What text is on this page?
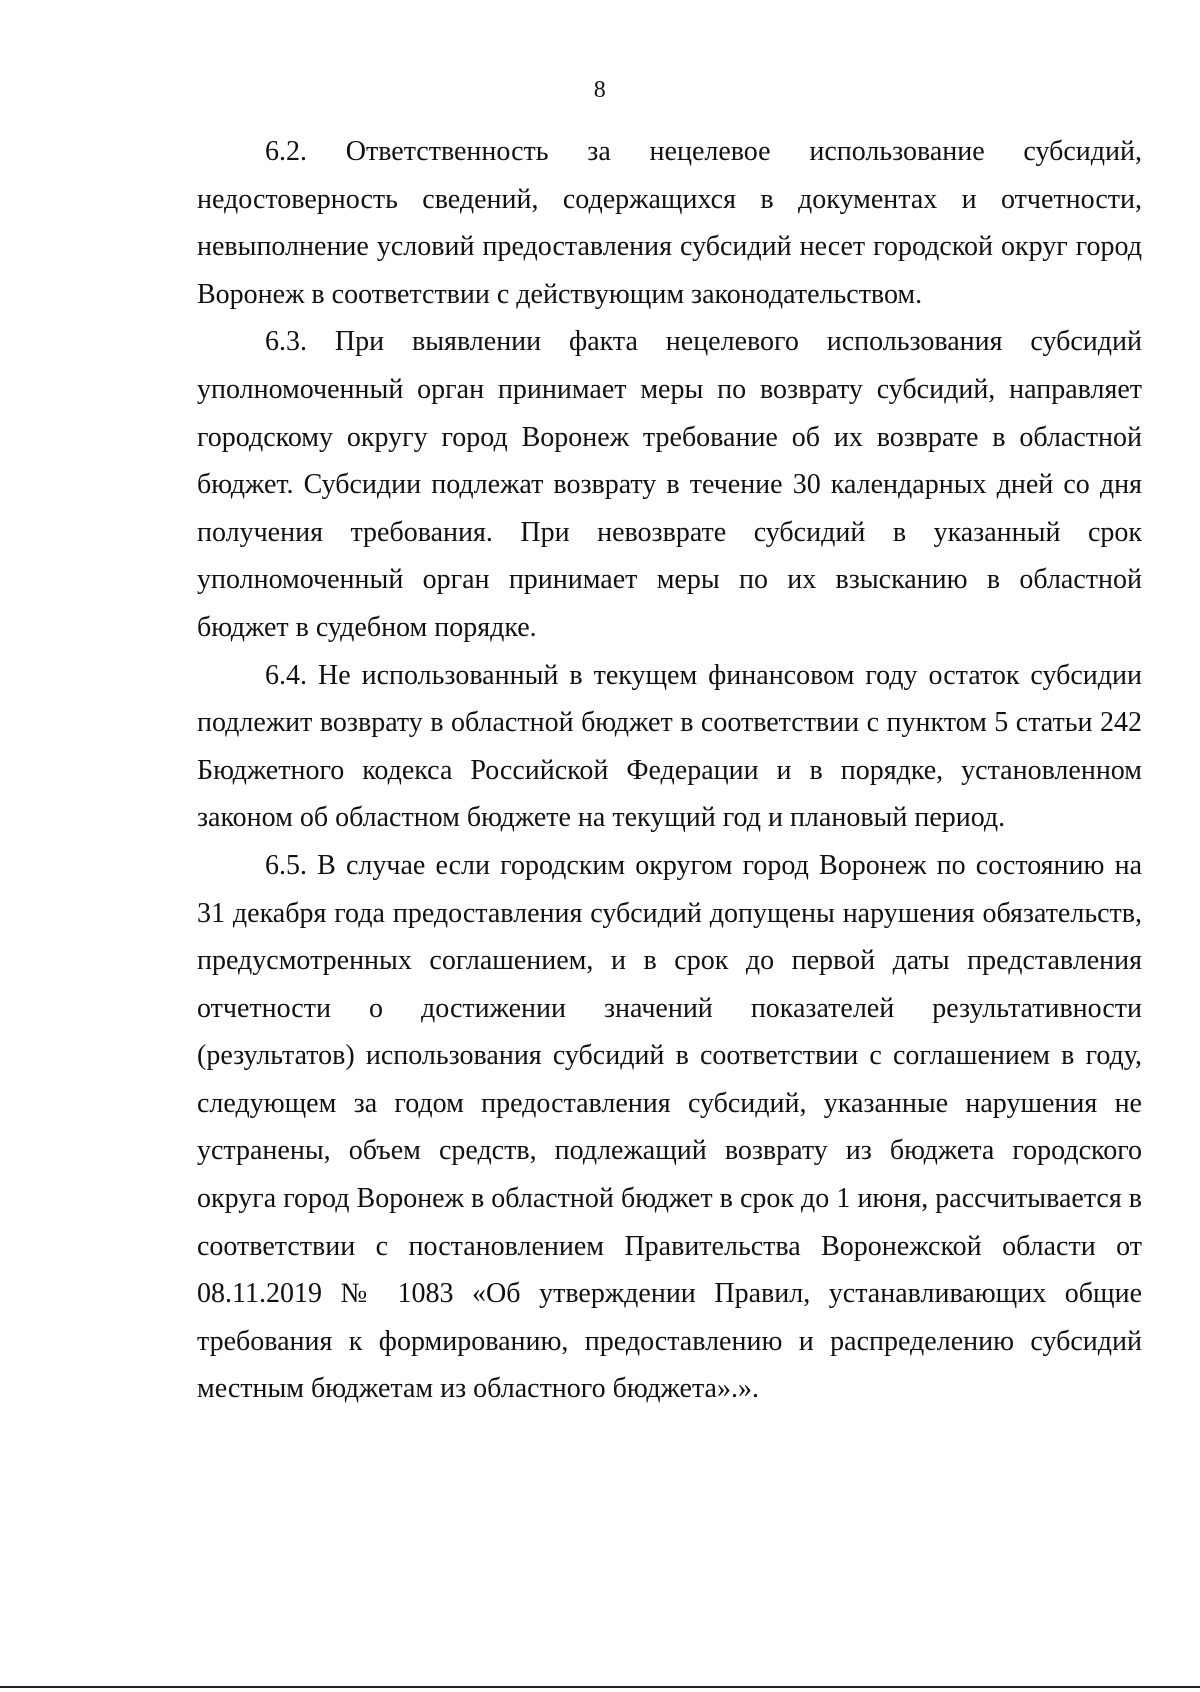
8

6.2. Ответственность за нецелевое использование субсидий, недостоверность сведений, содержащихся в документах и отчетности, невыполнение условий предоставления субсидий несет городской округ город Воронеж в соответствии с действующим законодательством.

6.3. При выявлении факта нецелевого использования субсидий уполномоченный орган принимает меры по возврату субсидий, направляет городскому округу город Воронеж требование об их возврате в областной бюджет. Субсидии подлежат возврату в течение 30 календарных дней со дня получения требования. При невозврате субсидий в указанный срок уполномоченный орган принимает меры по их взысканию в областной бюджет в судебном порядке.

6.4. Не использованный в текущем финансовом году остаток субсидии подлежит возврату в областной бюджет в соответствии с пунктом 5 статьи 242 Бюджетного кодекса Российской Федерации и в порядке, установленном законом об областном бюджете на текущий год и плановый период.

6.5. В случае если городским округом город Воронеж по состоянию на 31 декабря года предоставления субсидий допущены нарушения обязательств, предусмотренных соглашением, и в срок до первой даты представления отчетности о достижении значений показателей результативности (результатов) использования субсидий в соответствии с соглашением в году, следующем за годом предоставления субсидий, указанные нарушения не устранены, объем средств, подлежащий возврату из бюджета городского округа город Воронеж в областной бюджет в срок до 1 июня, рассчитывается в соответствии с постановлением Правительства Воронежской области от 08.11.2019 № 1083 «Об утверждении Правил, устанавливающих общие требования к формированию, предоставлению и распределению субсидий местным бюджетам из областного бюджета».».
